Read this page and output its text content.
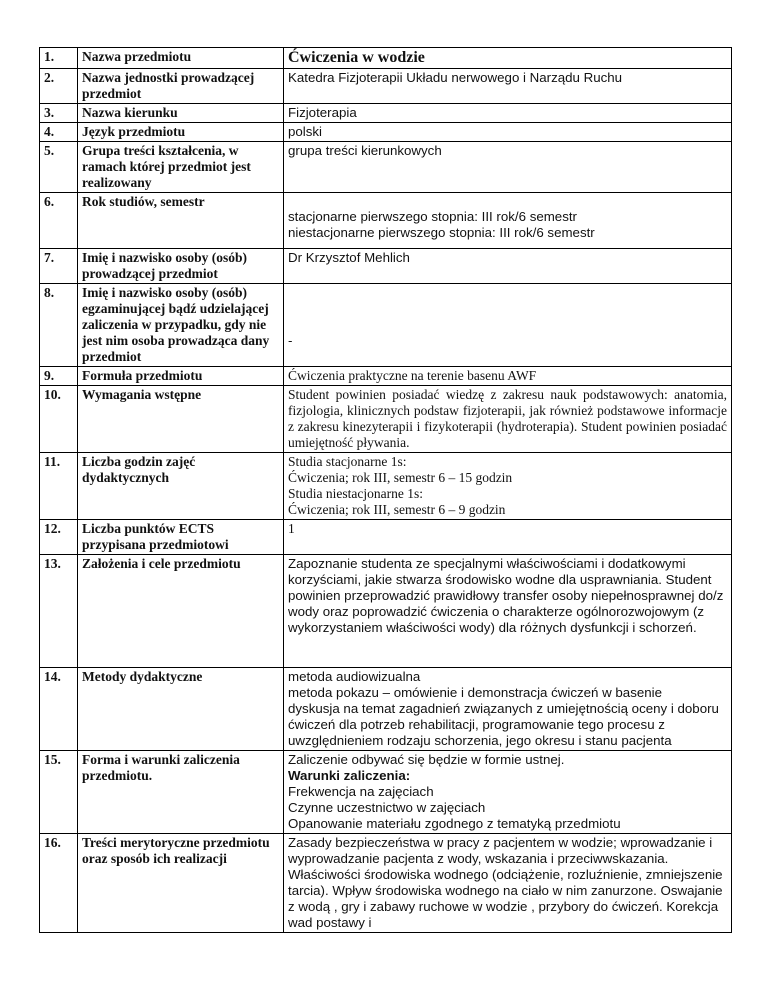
1.	Nazwa przedmiotu	Ćwiczenia w wodzie
2.	Nazwa jednostki prowadzącej przedmiot	Katedra Fizjoterapii Układu nerwowego i Narządu Ruchu
3.	Nazwa kierunku	Fizjoterapia
4.	Język przedmiotu	polski
5.	Grupa treści kształcenia, w ramach której przedmiot jest realizowany	grupa treści kierunkowych
6.	Rok studiów, semestr	stacjonarne pierwszego stopnia: III rok/6 semestr
niestacjonarne pierwszego stopnia: III rok/6 semestr

7.	Imię i nazwisko osoby (osób) prowadzącej przedmiot	Dr Krzysztof Mehlich
8.	Imię i nazwisko osoby (osób) egzaminującej bądź udzielającej zaliczenia w przypadku, gdy nie jest nim osoba prowadząca dany przedmiot	-
9.	Formuła przedmiotu	Ćwiczenia praktyczne na terenie basenu AWF
10.	Wymagania wstępne	Student powinien posiadać wiedzę z zakresu nauk podstawowych: anatomia, fizjologia, klinicznych podstaw fizjoterapii, jak również podstawowe informacje z zakresu kinezyterapii i fizykoterapii (hydroterapia). Student powinien posiadać umiejętność pływania.
11.	Liczba godzin zajęć dydaktycznych	Studia stacjonarne 1s:
Ćwiczenia; rok III, semestr 6 – 15 godzin
Studia niestacjonarne 1s:
Ćwiczenia; rok III, semestr 6 – 9 godzin

12.	Liczba punktów ECTS przypisana przedmiotowi	1
13.	Założenia i cele przedmiotu	Zapoznanie studenta ze specjalnymi właściwościami i dodatkowymi korzyściami, jakie stwarza środowisko wodne dla usprawniania. Student powinien przeprowadzić prawidłowy transfer osoby niepełnosprawnej do/z wody oraz poprowadzić ćwiczenia o charakterze ogólnorozwojowym (z wykorzystaniem właściwości wody) dla różnych dysfunkcji i schorzeń.
14.	Metody dydaktyczne	metoda audiowizualna
metoda pokazu – omówienie i demonstracja ćwiczeń w basenie
dyskusja na temat zagadnień związanych z umiejętnością oceny i doboru ćwiczeń dla potrzeb rehabilitacji, programowanie tego procesu z uwzględnieniem rodzaju schorzenia, jego okresu i stanu pacjenta

15.	Forma i warunki zaliczenia przedmiotu.	Zaliczenie odbywać się będzie w formie ustnej.
Warunki zaliczenia:
Frekwencja na zajęciach
Czynne uczestnictwo w zajęciach
Opanowanie materiału zgodnego z tematyką przedmiotu

16.	Treści merytoryczne przedmiotu oraz sposób ich realizacji	Zasady bezpieczeństwa w pracy z pacjentem w wodzie; wprowadzanie i wyprowadzanie pacjenta z wody, wskazania i przeciwwskazania. Właściwości środowiska wodnego (odciążenie, rozluźnienie, zmniejszenie tarcia). Wpływ środowiska wodnego na ciało w nim zanurzone. Oswajanie z wodą , gry i zabawy ruchowe w wodzie , przybory do ćwiczeń. Korekcja wad postawy i
